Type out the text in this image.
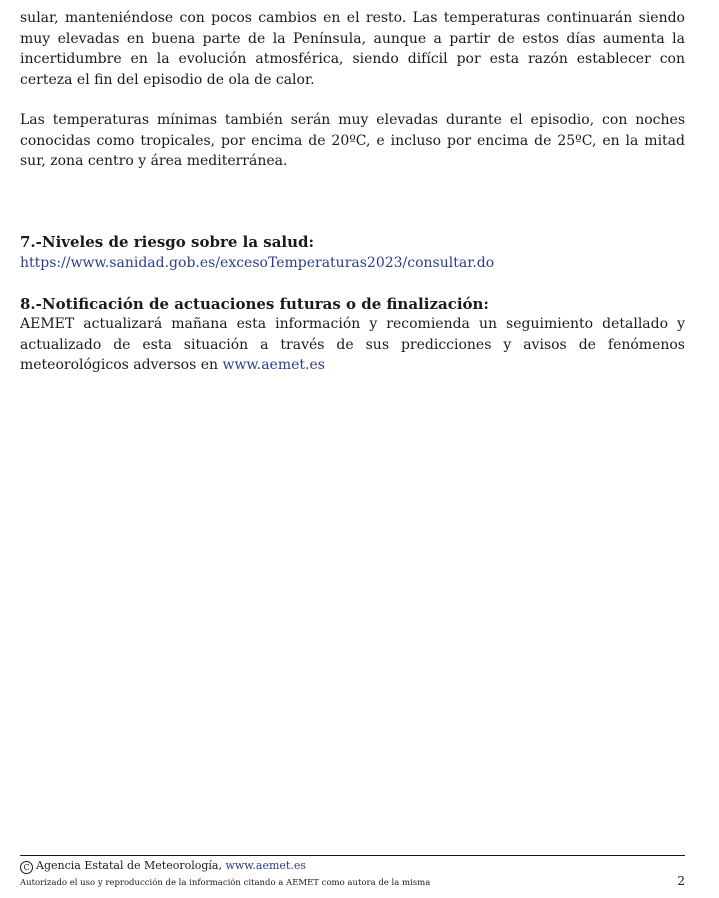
sular, manteniéndose con pocos cambios en el resto. Las temperaturas continuarán siendo muy elevadas en buena parte de la Península, aunque a partir de estos días aumenta la incertidumbre en la evolución atmosférica, siendo difícil por esta razón establecer con certeza el fin del episodio de ola de calor.

Las temperaturas mínimas también serán muy elevadas durante el episodio, con noches conocidas como tropicales, por encima de 20ºC, e incluso por encima de 25ºC, en la mitad sur, zona centro y área mediterránea.

7.-Niveles de riesgo sobre la salud:

https://www.sanidad.gob.es/excesoTemperaturas2023/consultar.do

8.-Notificación de actuaciones futuras o de finalización:

AEMET actualizará mañana esta información y recomienda un seguimiento detallado y actualizado de esta situación a través de sus predicciones y avisos de fenómenos meteorológicos adversos en www.aemet.es

C Agencia Estatal de Meteorología, www.aemet.es
Autorizado el uso y reproducción de la información citando a AEMET como autora de la misma	2
